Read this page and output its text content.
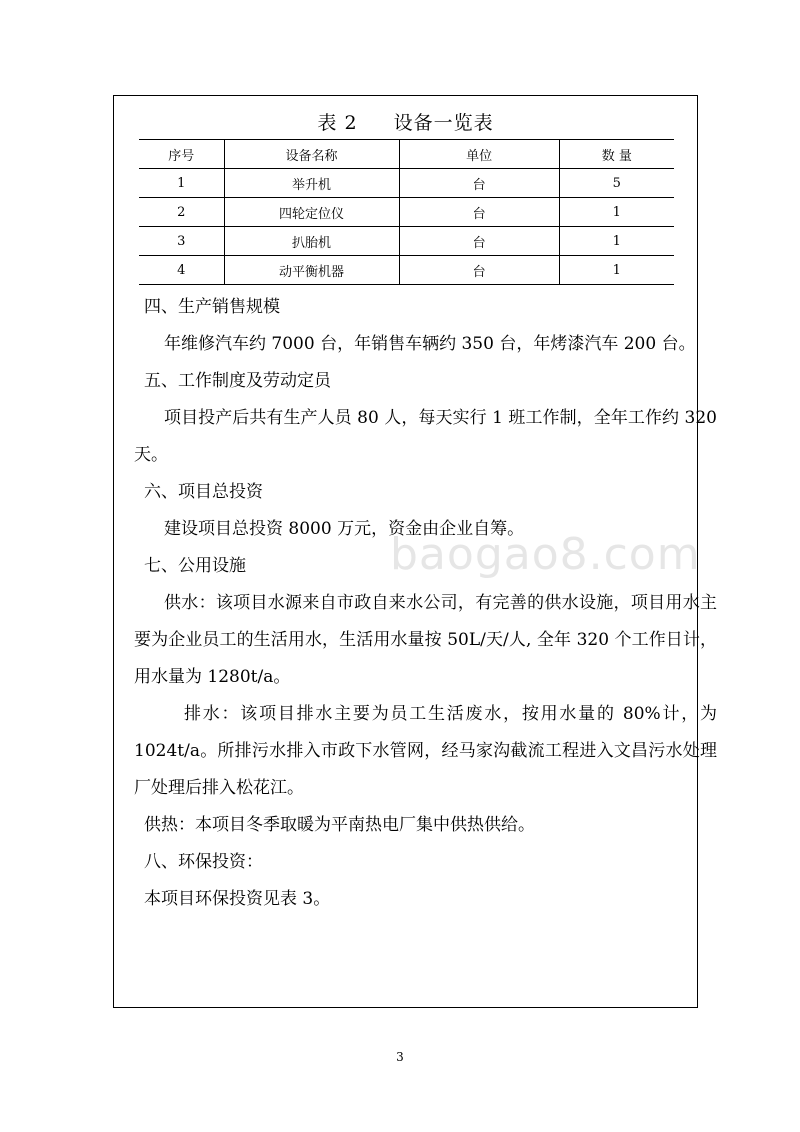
表 2 设备一览表
序号	设备名称	单位	数 量
1	举升机	台	5
2	四轮定位仪	台	1
3	扒胎机	台	1
4	动平衡机器	台	1
四、生产销售规模
年维修汽车约 7000 台，年销售车辆约 350 台，年烤漆汽车 200 台。
五、工作制度及劳动定员
项目投产后共有生产人员 80 人，每天实行 1 班工作制，全年工作约 320 天。
六、项目总投资
建设项目总投资 8000 万元，资金由企业自筹。
七、公用设施
供水：该项目水源来自市政自来水公司，有完善的供水设施，项目用水主要为企业员工的生活用水，生活用水量按 50L/天/人, 全年 320 个工作日计，用水量为 1280t/a。
排水：该项目排水主要为员工生活废水，按用水量的 80%计，为 1024t/a。所排污水排入市政下水管网，经马家沟截流工程进入文昌污水处理厂处理后排入松花江。
供热：本项目冬季取暖为平南热电厂集中供热供给。
八、环保投资：
本项目环保投资见表 3。
baogao8.com
3
